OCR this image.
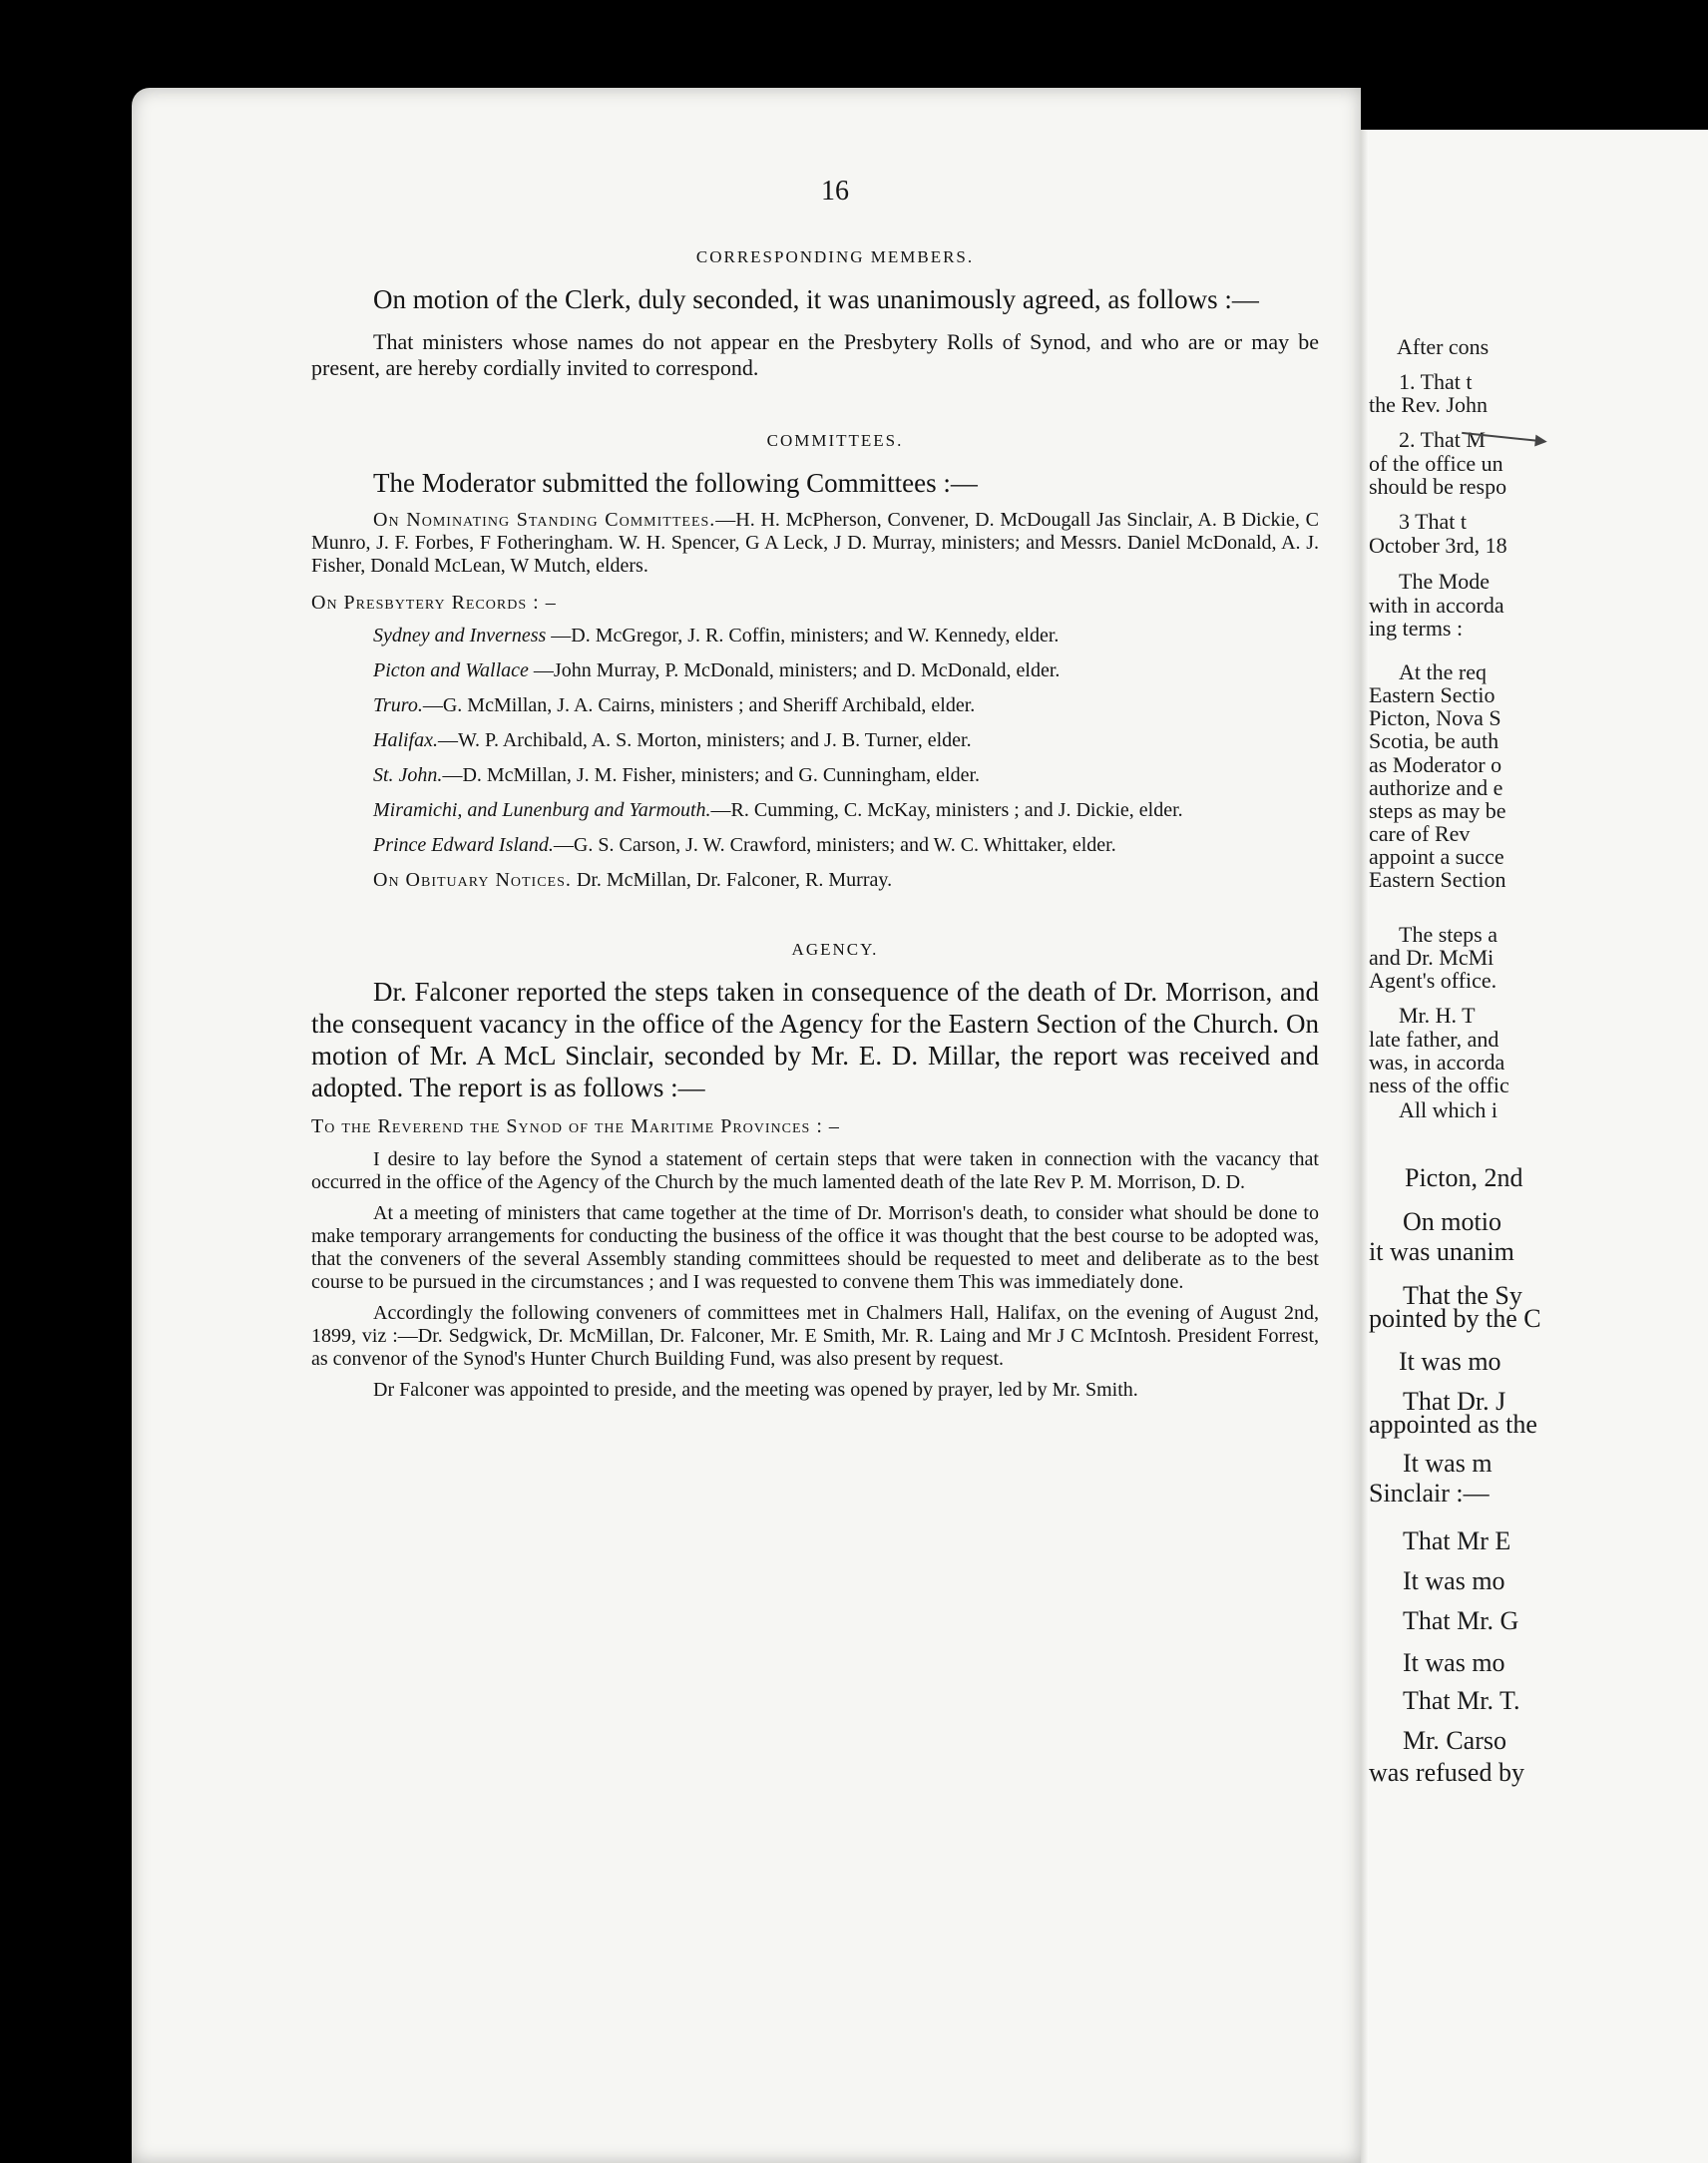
16
CORRESPONDING MEMBERS.

On motion of the Clerk, duly seconded, it was unanimously agreed, as follows :—

That ministers whose names do not appear en the Presbytery Rolls of Synod, and who are or may be present, are hereby cordially invited to correspond.

COMMITTEES.

The Moderator submitted the following Committees :—

On Nominating Standing Committees.—H. H. McPherson, Convener, D. McDougall Jas Sinclair, A. B Dickie, C Munro, J. F. Forbes, F Fotheringham. W. H. Spencer, G A Leck, J D. Murray, ministers; and Messrs. Daniel McDonald, A. J. Fisher, Donald McLean, W Mutch, elders.

On Presbytery Records : –

Sydney and Inverness —D. McGregor, J. R. Coffin, ministers; and W. Kennedy, elder.

Picton and Wallace —John Murray, P. McDonald, ministers; and D. McDonald, elder.

Truro.—G. McMillan, J. A. Cairns, ministers ; and Sheriff Archibald, elder.

Halifax.—W. P. Archibald, A. S. Morton, ministers; and J. B. Turner, elder.

St. John.—D. McMillan, J. M. Fisher, ministers; and G. Cunningham, elder.

Miramichi, and Lunenburg and Yarmouth.—R. Cumming, C. McKay, ministers ; and J. Dickie, elder.

Prince Edward Island.—G. S. Carson, J. W. Crawford, ministers; and W. C. Whittaker, elder.

On Obituary Notices. Dr. McMillan, Dr. Falconer, R. Murray.

AGENCY.

Dr. Falconer reported the steps taken in consequence of the death of Dr. Morrison, and the consequent vacancy in the office of the Agency for the Eastern Section of the Church. On motion of Mr. A McL Sinclair, seconded by Mr. E. D. Millar, the report was received and adopted. The report is as follows :—

To the Reverend the Synod of the Maritime Provinces : –

I desire to lay before the Synod a statement of certain steps that were taken in connection with the vacancy that occurred in the office of the Agency of the Church by the much lamented death of the late Rev P. M. Morrison, D. D.

At a meeting of ministers that came together at the time of Dr. Morrison's death, to consider what should be done to make temporary arrangements for conducting the business of the office it was thought that the best course to be adopted was, that the conveners of the several Assembly standing committees should be requested to meet and deliberate as to the best course to be pursued in the circumstances ; and I was requested to convene them This was immediately done.

Accordingly the following conveners of committees met in Chalmers Hall, Halifax, on the evening of August 2nd, 1899, viz :—Dr. Sedgwick, Dr. McMillan, Dr. Falconer, Mr. E Smith, Mr. R. Laing and Mr J C McIntosh. President Forrest, as convenor of the Synod's Hunter Church Building Fund, was also present by request.

Dr Falconer was appointed to preside, and the meeting was opened by prayer, led by Mr. Smith.

After cons
1. That t
the Rev. John
2. That M
of the office un
should be respo
3 That t
October 3rd, 18
The Mode
with in accorda
ing terms :
At the req
Eastern Sectio
Picton, Nova S
Scotia, be auth
as Moderator o
authorize and e
steps as may be
care of Rev
appoint a succe
Eastern Section
The steps a
and Dr. McMi
Agent's office.
Mr. H. T
late father, and
was, in accorda
ness of the offic
All which i
Picton, 2nd
On motio
it was unanim
That the Sy
pointed by the C
It was mo
That Dr. J
appointed as the
It was m
Sinclair :—
That Mr E
It was mo
That Mr. G
It was mo
That Mr. T.
Mr. Carso
was refused by
